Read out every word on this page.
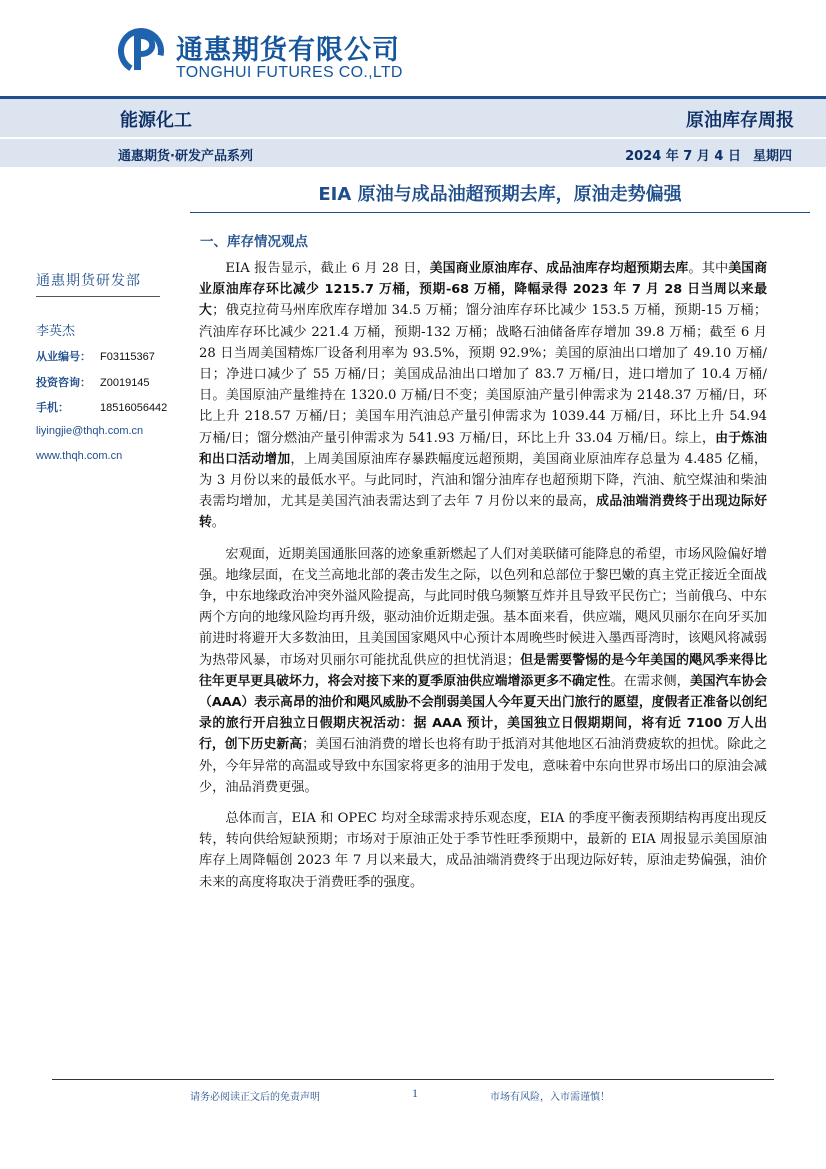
通惠期货有限公司
TONGHUI FUTURES CO.,LTD
能源化工	原油库存周报
通惠期货·研发产品系列	2024 年 7 月 4 日 星期四
EIA 原油与成品油超预期去库，原油走势偏强
通惠期货研发部
李英杰
从业编号： F03115367
投资咨询： Z0019145
手机：	18516056442
liyingjie@thqh.com.cn
www.thqh.com.cn
一、库存情况观点

EIA 报告显示，截止 6 月 28 日，美国商业原油库存、成品油库存均超预期去库。其中美国商业原油库存环比减少 1215.7 万桶，预期-68 万桶，降幅录得 2023 年 7 月 28 日当周以来最大；俄克拉荷马州库欣库存增加 34.5 万桶；馏分油库存环比减少 153.5 万桶，预期-15 万桶；汽油库存环比减少 221.4 万桶，预期-132 万桶；战略石油储备库存增加 39.8 万桶；截至 6 月 28 日当周美国精炼厂设备利用率为 93.5%，预期 92.9%；美国的原油出口增加了 49.10 万桶/日；净进口减少了 55 万桶/日；美国成品油出口增加了 83.7 万桶/日，进口增加了 10.4 万桶/日。美国原油产量维持在 1320.0 万桶/日不变；美国原油产量引伸需求为 2148.37 万桶/日，环比上升 218.57 万桶/日；美国车用汽油总产量引伸需求为 1039.44 万桶/日，环比上升 54.94 万桶/日；馏分燃油产量引伸需求为 541.93 万桶/日，环比上升 33.04 万桶/日。综上，由于炼油和出口活动增加，上周美国原油库存暴跌幅度远超预期，美国商业原油库存总量为 4.485 亿桶，为 3 月份以来的最低水平。与此同时，汽油和馏分油库存也超预期下降，汽油、航空煤油和柴油表需均增加，尤其是美国汽油表需达到了去年 7 月份以来的最高，成品油端消费终于出现边际好转。

宏观面，近期美国通胀回落的迹象重新燃起了人们对美联储可能降息的希望，市场风险偏好增强。地缘层面，在戈兰高地北部的袭击发生之际，以色列和总部位于黎巴嫩的真主党正接近全面战争，中东地缘政治冲突外溢风险提高，与此同时俄乌频繁互炸并且导致平民伤亡；当前俄乌、中东两个方向的地缘风险均再升级，驱动油价近期走强。基本面来看，供应端，飓风贝丽尔在向牙买加前进时将避开大多数油田，且美国国家飓风中心预计本周晚些时候进入墨西哥湾时，该飓风将减弱为热带风暴，市场对贝丽尔可能扰乱供应的担忧消退；但是需要警惕的是今年美国的飓风季来得比往年更早更具破坏力，将会对接下来的夏季原油供应端增添更多不确定性。在需求侧，美国汽车协会（AAA）表示高昂的油价和飓风威胁不会削弱美国人今年夏天出门旅行的愿望，度假者正准备以创纪录的旅行开启独立日假期庆祝活动：据 AAA 预计，美国独立日假期期间，将有近 7100 万人出行，创下历史新高；美国石油消费的增长也将有助于抵消对其他地区石油消费疲软的担忧。除此之外，今年异常的高温或导致中东国家将更多的油用于发电，意味着中东向世界市场出口的原油会减少，油品消费更强。

总体而言，EIA 和 OPEC 均对全球需求持乐观态度，EIA 的季度平衡表预期结构再度出现反转，转向供给短缺预期；市场对于原油正处于季节性旺季预期中，最新的 EIA 周报显示美国原油库存上周降幅创 2023 年 7 月以来最大，成品油端消费终于出现边际好转，原油走势偏强，油价未来的高度将取决于消费旺季的强度。

请务必阅读正文后的免责声明	1	市场有风险，入市需谨慎！
